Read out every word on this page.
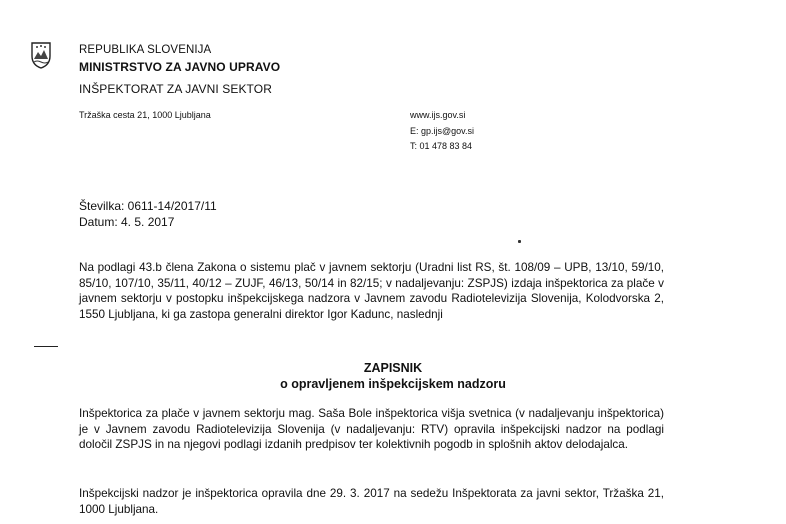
REPUBLIKA SLOVENIJA
MINISTRSTVO ZA JAVNO UPRAVO
INŠPEKTORAT ZA JAVNI SEKTOR
Tržaška cesta 21, 1000 Ljubljana	www.ijs.gov.si
E: gp.ijs@gov.si
T: 01 478 83 84
Številka: 0611-14/2017/11
Datum: 4. 5. 2017

Na podlagi 43.b člena Zakona o sistemu plač v javnem sektorju (Uradni list RS, št. 108/09 – UPB, 13/10, 59/10, 85/10, 107/10, 35/11, 40/12 – ZUJF, 46/13, 50/14 in 82/15; v nadaljevanju: ZSPJS) izdaja inšpektorica za plače v javnem sektorju v postopku inšpekcijskega nadzora v Javnem zavodu Radiotelevizija Slovenija, Kolodvorska 2, 1550 Ljubljana, ki ga zastopa generalni direktor Igor Kadunc, naslednji

ZAPISNIK

o opravljenem inšpekcijskem nadzoru

Inšpektorica za plače v javnem sektorju mag. Saša Bole inšpektorica višja svetnica (v nadaljevanju inšpektorica) je v Javnem zavodu Radiotelevizija Slovenija (v nadaljevanju: RTV) opravila inšpekcijski nadzor na podlagi določil ZSPJS in na njegovi podlagi izdanih predpisov ter kolektivnih pogodb in splošnih aktov delodajalca.

Inšpekcijski nadzor je inšpektorica opravila dne 29. 3. 2017 na sedežu Inšpektorata za javni sektor, Tržaška 21, 1000 Ljubljana.
